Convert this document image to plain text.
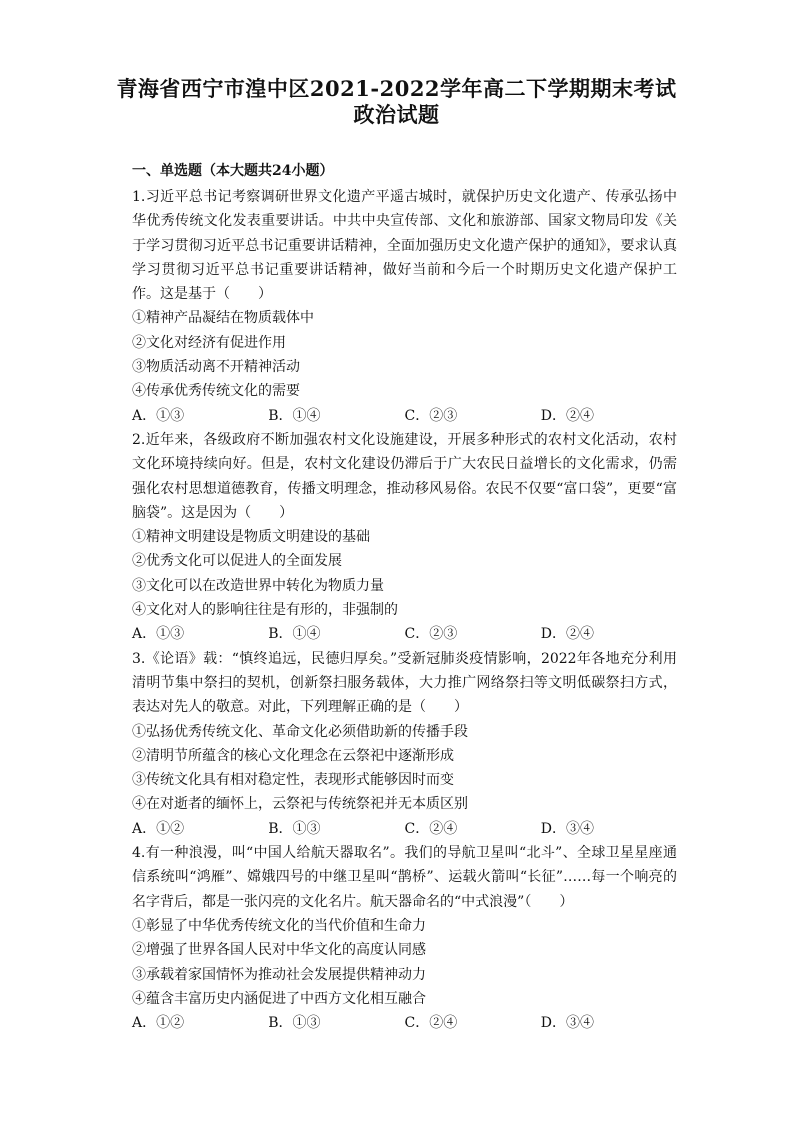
青海省西宁市湟中区2021-2022学年高二下学期期末考试
政治试题
一、单选题（本大题共24小题）

1.习近平总书记考察调研世界文化遗产平遥古城时，就保护历史文化遗产、传承弘扬中华优秀传统文化发表重要讲话。中共中央宣传部、文化和旅游部、国家文物局印发《关于学习贯彻习近平总书记重要讲话精神，全面加强历史文化遗产保护的通知》，要求认真学习贯彻习近平总书记重要讲话精神，做好当前和今后一个时期历史文化遗产保护工作。这是基于（　　）

①精神产品凝结在物质载体中

②文化对经济有促进作用

③物质活动离不开精神活动

④传承优秀传统文化的需要

A．①③	B．①④	C．②③	D．②④

2.近年来，各级政府不断加强农村文化设施建设，开展多种形式的农村文化活动，农村文化环境持续向好。但是，农村文化建设仍滞后于广大农民日益增长的文化需求，仍需强化农村思想道德教育，传播文明理念，推动移风易俗。农民不仅要“富口袋”，更要“富脑袋”。这是因为（　　）

①精神文明建设是物质文明建设的基础

②优秀文化可以促进人的全面发展

③文化可以在改造世界中转化为物质力量

④文化对人的影响往往是有形的，非强制的

A．①③	B．①④	C．②③	D．②④

3.《论语》载：“慎终追远，民德归厚矣。”受新冠肺炎疫情影响，2022年各地充分利用清明节集中祭扫的契机，创新祭扫服务载体，大力推广网络祭扫等文明低碳祭扫方式，表达对先人的敬意。对此，下列理解正确的是（　　）

①弘扬优秀传统文化、革命文化必须借助新的传播手段

②清明节所蕴含的核心文化理念在云祭祀中逐渐形成

③传统文化具有相对稳定性，表现形式能够因时而变

④在对逝者的缅怀上，云祭祀与传统祭祀并无本质区别

A．①②	B．①③	C．②④	D．③④

4.有一种浪漫，叫“中国人给航天器取名”。我们的导航卫星叫“北斗”、全球卫星星座通信系统叫“鸿雁”、嫦娥四号的中继卫星叫“鹊桥”、运载火箭叫“长征”……每一个响亮的名字背后，都是一张闪亮的文化名片。航天器命名的“中式浪漫”（　　）

①彰显了中华优秀传统文化的当代价值和生命力

②增强了世界各国人民对中华文化的高度认同感

③承载着家国情怀为推动社会发展提供精神动力

④蕴含丰富历史内涵促进了中西方文化相互融合

A．①②	B．①③	C．②④	D．③④
